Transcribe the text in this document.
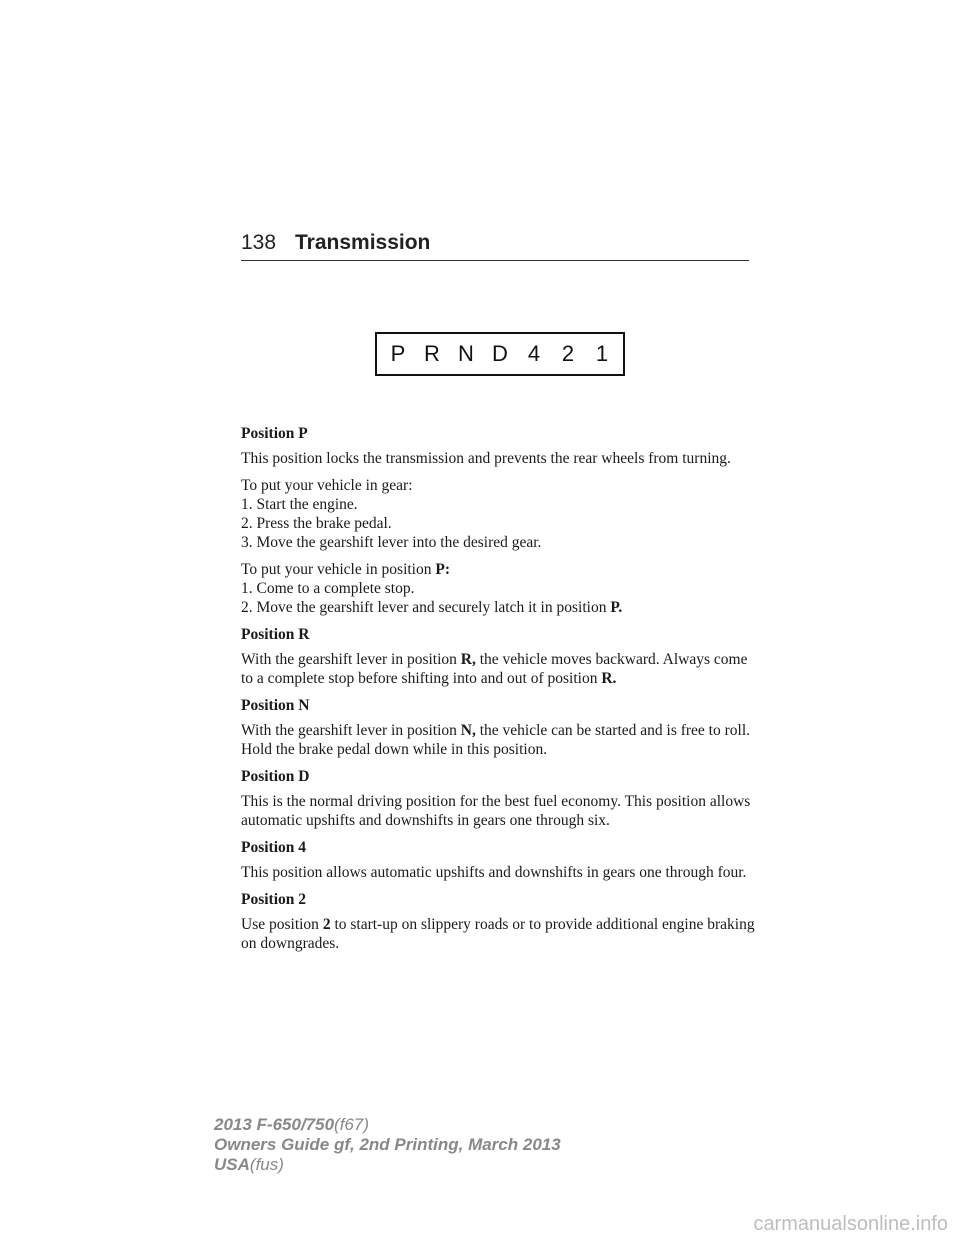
138 Transmission
P R N D 4 2 1
Position P

This position locks the transmission and prevents the rear wheels from turning.

To put your vehicle in gear:
1. Start the engine.
2. Press the brake pedal.
3. Move the gearshift lever into the desired gear.
To put your vehicle in position P:
1. Come to a complete stop.
2. Move the gearshift lever and securely latch it in position P.
Position R

With the gearshift lever in position R, the vehicle moves backward. Always come to a complete stop before shifting into and out of position R.

Position N

With the gearshift lever in position N, the vehicle can be started and is free to roll. Hold the brake pedal down while in this position.

Position D

This is the normal driving position for the best fuel economy. This position allows automatic upshifts and downshifts in gears one through six.

Position 4

This position allows automatic upshifts and downshifts in gears one through four.

Position 2

Use position 2 to start-up on slippery roads or to provide additional engine braking on downgrades.

2013 F-650/750(f67)
Owners Guide gf, 2nd Printing, March 2013
USA(fus)
carmanualsonline.info
